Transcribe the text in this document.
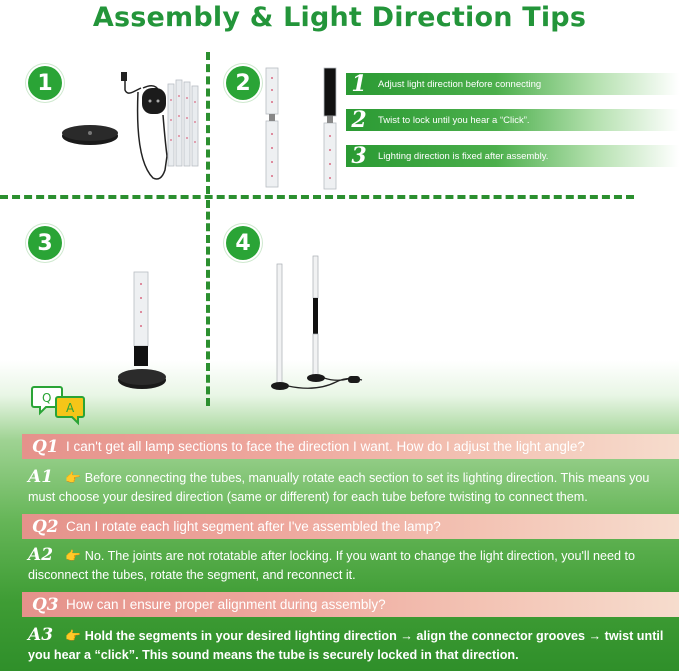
Assembly & Light Direction Tips
1	2
3	4
1	Adjust light direction before connecting
2	Twist to lock until you hear a “Click”.
3	Lighting direction is fixed after assembly.
Q
A
Q1 I can't get all lamp sections to face the direction I want. How do I adjust the light angle?
A1 👉 Before connecting the tubes, manually rotate each section to set its lighting direction. This means you must choose your desired direction (same or different) for each tube before twisting to connect them.
Q2 Can I rotate each light segment after I've assembled the lamp?
A2 👉 No. The joints are not rotatable after locking. If you want to change the light direction, you'll need to disconnect the tubes, rotate the segment, and reconnect it.
Q3 How can I ensure proper alignment during assembly?
A3 👉 Hold the segments in your desired lighting direction → align the connector grooves → twist until you hear a “click”. This sound means the tube is securely locked in that direction.
